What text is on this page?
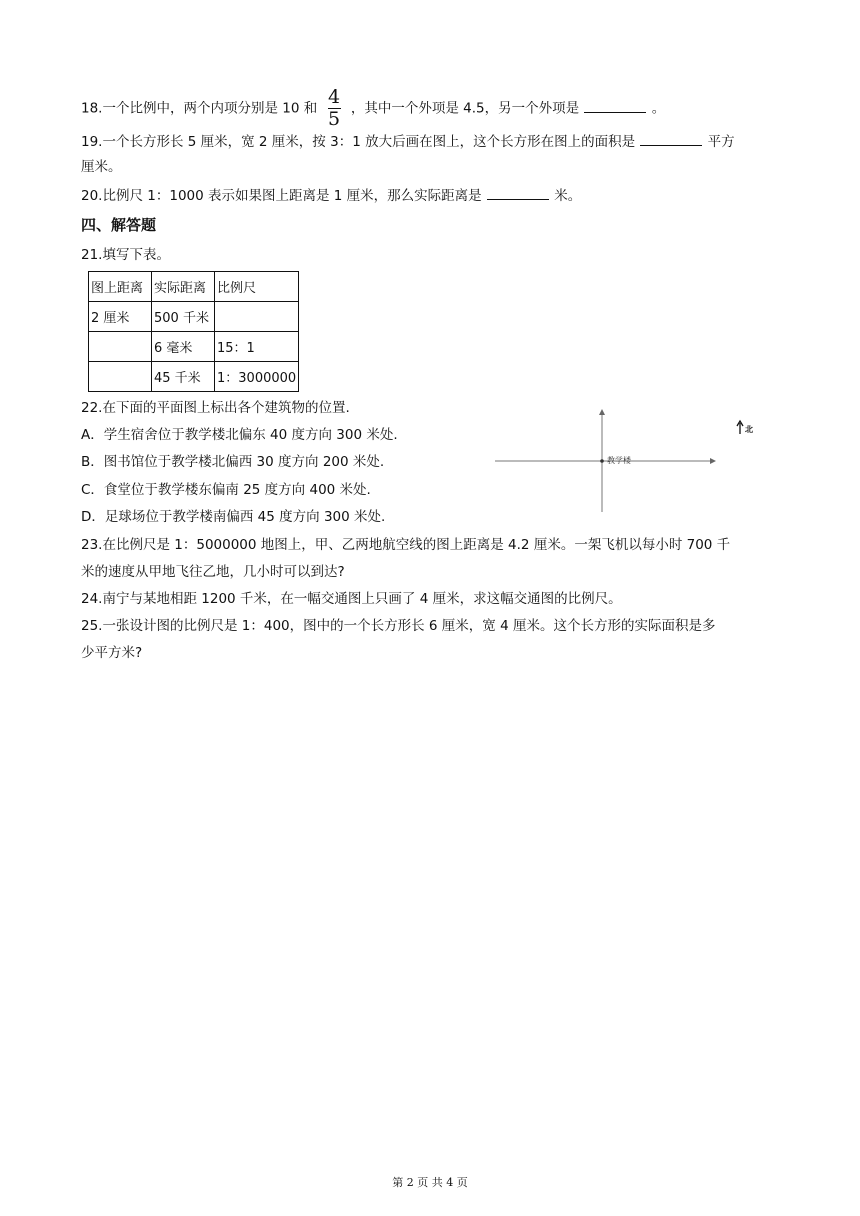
18.一个比例中，两个内项分别是 10 和 $\frac{4}{5}$ ，其中一个外项是 4.5，另一个外项是	。
19.一个长方形长 5 厘米，宽 2 厘米，按 3：1 放大后画在图上，这个长方形在图上的面积是	平方
厘米。
20.比例尺 1：1000 表示如果图上距离是 1 厘米，那么实际距离是	米。
四、解答题
21.填写下表。
图上距离	实际距离	比例尺
2 厘米	500 千米	
	6 毫米	15：1
	45 千米	1：3000000
22.在下面的平面图上标出各个建筑物的位置.
A．学生宿舍位于教学楼北偏东 40 度方向 300 米处.
B．图书馆位于教学楼北偏西 30 度方向 200 米处.
C．食堂位于教学楼东偏南 25 度方向 400 米处.
D．足球场位于教学楼南偏西 45 度方向 300 米处.
教学楼
北
23.在比例尺是 1：5000000 地图上，甲、乙两地航空线的图上距离是 4.2 厘米。一架飞机以每小时 700 千
米的速度从甲地飞往乙地，几小时可以到达?
24.南宁与某地相距 1200 千米，在一幅交通图上只画了 4 厘米，求这幅交通图的比例尺。
25.一张设计图的比例尺是 1：400，图中的一个长方形长 6 厘米，宽 4 厘米。这个长方形的实际面积是多
少平方米?
第 2 页 共 4 页
